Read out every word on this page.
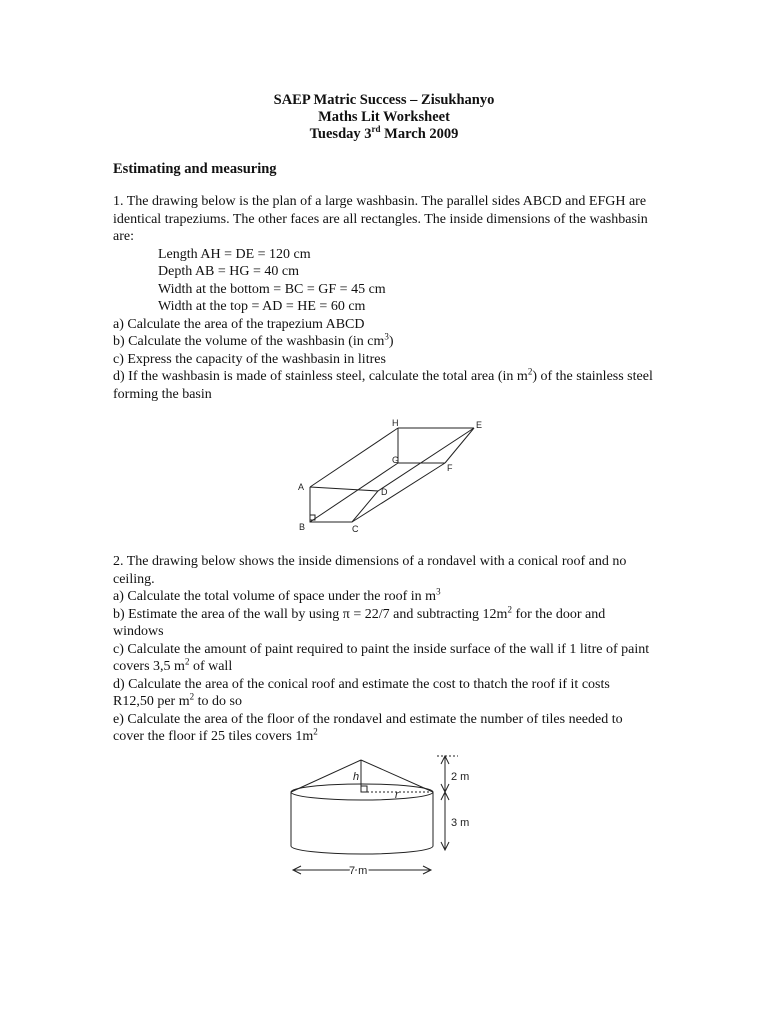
SAEP Matric Success – Zisukhanyo
Maths Lit Worksheet
Tuesday 3rd March 2009
Estimating and measuring

1. The drawing below is the plan of a large washbasin. The parallel sides ABCD and EFGH are identical trapeziums. The other faces are all rectangles. The inside dimensions of the washbasin are:

Length AH = DE = 120 cm

Depth AB = HG = 40 cm

Width at the bottom = BC = GF = 45 cm

Width at the top = AD = HE = 60 cm

a) Calculate the area of the trapezium ABCD

b) Calculate the volume of the washbasin (in $cm^3$)

c) Express the capacity of the washbasin in litres

d) If the washbasin is made of stainless steel, calculate the total area (in $m^2$) of the stainless steel forming the basin

H	E
G
F
A	D
B	C

2. The drawing below shows the inside dimensions of a rondavel with a conical roof and no ceiling.

a) Calculate the total volume of space under the roof in $m^3$

b) Estimate the area of the wall by using π = 22/7 and subtracting $12m^2$ for the door and windows

c) Calculate the amount of paint required to paint the inside surface of the wall if 1 litre of paint covers 3,5 $m^2$ of wall

d) Calculate the area of the conical roof and estimate the cost to thatch the roof if it costs R12,50 per $m^2$ to do so

e) Calculate the area of the floor of the rondavel and estimate the number of tiles needed to cover the floor if 25 tiles covers $1m^2$

h
r
2 m
3 m
7 m
